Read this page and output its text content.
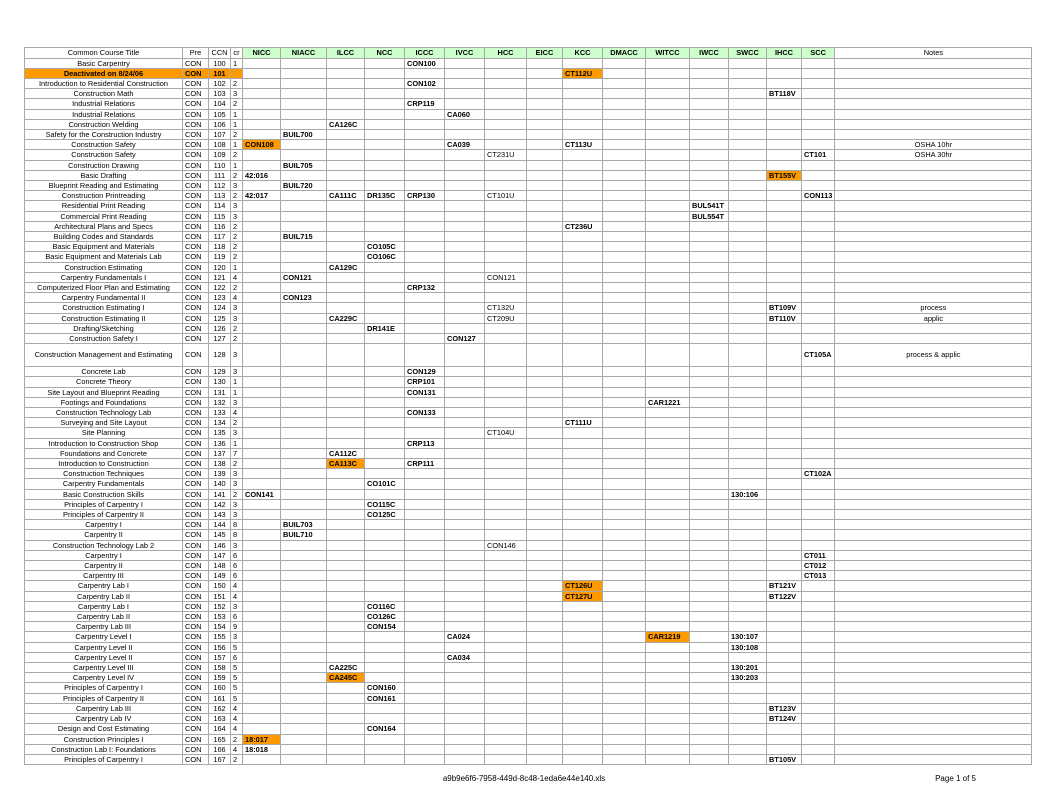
Common Course Title	Pre	CCN	cr	NICC	NIACC	ILCC	NCC	ICCC	IVCC	HCC	EICC	KCC	DMACC	WITCC	IWCC	SWCC	IHCC	SCC	Notes
Basic Carpentry	CON	100	1					CON100											
Deactivated on 8/24/06	CON	101										CT112U							
Introduction to Residential Construction	CON	102	2					CON102											
Construction Math	CON	103	3														BT118V		
Industrial Relations	CON	104	2					CRP119											
Industrial Relations	CON	105	1						CA060										
Construction Welding	CON	106	1			CA126C													
Safety for the Construction Industry	CON	107	2		BUIL700														
Construction Safety	CON	108	1	CON108					CA039			CT113U							OSHA 10hr
Construction Safety	CON	109	2							CT231U								CT101	OSHA 30hr
Construction Drawing	CON	110	1		BUIL705														
Basic Drafting	CON	111	2	42:016													BT155V		
Blueprint Reading and Estimating	CON	112	3		BUIL720														
Construction Printreading	CON	113	2	42:017		CA111C	DR135C	CRP130		CT101U								CON113	
Residential Print Reading	CON	114	3												BUL541T				
Commercial Print Reading	CON	115	3												BUL554T				
Architectural Plans and Specs	CON	116	2									CT236U							
Building Codes and Standards	CON	117	2		BUIL715														
Basic Equipment and Materials	CON	118	2				CO105C												
Basic Equipment and Materials Lab	CON	119	2				CO106C												
Construction Estimating	CON	120	1			CA129C													
Carpentry Fundamentals I	CON	121	4		CON121					CON121									
Computerized Floor Plan and Estimating	CON	122	2					CRP132											
Carpentry Fundamental II	CON	123	4		CON123														
Construction Estimating I	CON	124	3							CT132U							BT109V		process
Construction Estimating II	CON	125	3			CA229C				CT209U							BT110V		applic
Drafting/Sketching	CON	126	2				DR141E												
Construction Safety I	CON	127	2						CON127										
Construction Management and Estimating	CON	128	3															CT105A	process & applic
Concrete Lab	CON	129	3					CON129											
Concrete Theory	CON	130	1					CRP101											
Site Layout and Blueprint Reading	CON	131	1					CON131											
Footings and Foundations	CON	132	3											CAR1221					
Construction Technology Lab	CON	133	4					CON133											
Surveying and Site Layout	CON	134	2									CT111U							
Site Planning	CON	135	3							CT104U									
Introduction to Construction Shop	CON	136	1					CRP113											
Foundations and Concrete	CON	137	7			CA112C													
Introduction to Construction	CON	138	2			CA113C		CRP111											
Construction Techniques	CON	139	3															CT102A	
Carpentry Fundamentals	CON	140	3				CO101C												
Basic Construction Skills	CON	141	2	CON141												130:106			
Principles of Carpentry I	CON	142	3				CO115C												
Principles of Carpentry II	CON	143	3				CO125C												
Carpentry I	CON	144	8		BUIL703														
Carpentry II	CON	145	8		BUIL710														
Construction Technology Lab 2	CON	146	3							CON146									
Carpentry I	CON	147	6															CT011	
Carpentry II	CON	148	6															CT012	
Carpentry III	CON	149	6															CT013	
Carpentry Lab I	CON	150	4									CT126U					BT121V		
Carpentry Lab II	CON	151	4									CT127U					BT122V		
Carpentry Lab I	CON	152	3				CO116C												
Carpentry Lab II	CON	153	6				CO126C												
Carpentry Lab III	CON	154	9				CON154												
Carpentry Level I	CON	155	3						CA024					CAR1219		130:107			
Carpentry Level II	CON	156	5													130:108			
Carpentry Level II	CON	157	6						CA034										
Carpentry Level III	CON	158	5			CA225C										130:201			
Carpentry Level IV	CON	159	5			CA245C										130:203			
Principles of Carpentry I	CON	160	5				CON160												
Principles of Carpentry II	CON	161	5				CON161												
Carpentry Lab III	CON	162	4														BT123V		
Carpentry Lab IV	CON	163	4														BT124V		
Design and Cost Estimating	CON	164	4				CON164												
Construction Principles I	CON	165	2	18:017															
Construction Lab I: Foundations	CON	166	4	18:018															
Principles of Carpentry I	CON	167	2														BT105V		
a9b9e6f6-7958-449d-8c48-1eda6e44e140.xls	Page 1 of 5
